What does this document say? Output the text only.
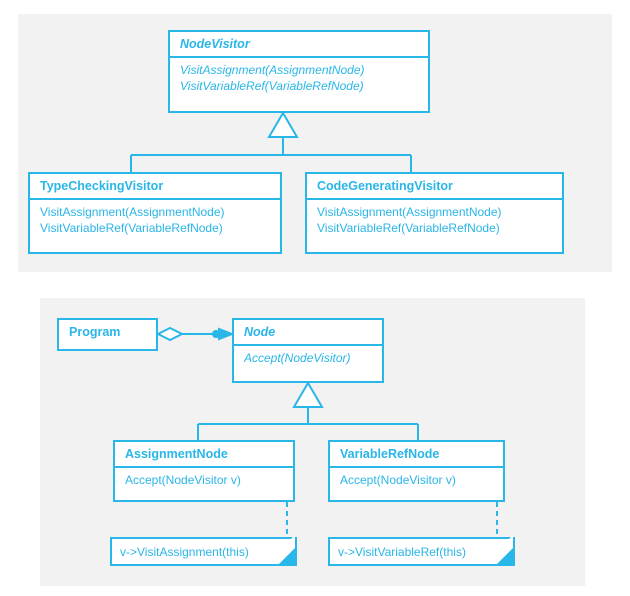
NodeVisitor
VisitAssignment(AssignmentNode)
VisitVariableRef(VariableRefNode)
TypeCheckingVisitor
VisitAssignment(AssignmentNode)
VisitVariableRef(VariableRefNode)
CodeGeneratingVisitor
VisitAssignment(AssignmentNode)
VisitVariableRef(VariableRefNode)
Program	Node
Accept(NodeVisitor)
AssignmentNode
Accept(NodeVisitor v)
VariableRefNode
Accept(NodeVisitor v)
v->VisitAssignment(this)	v->VisitVariableRef(this)
